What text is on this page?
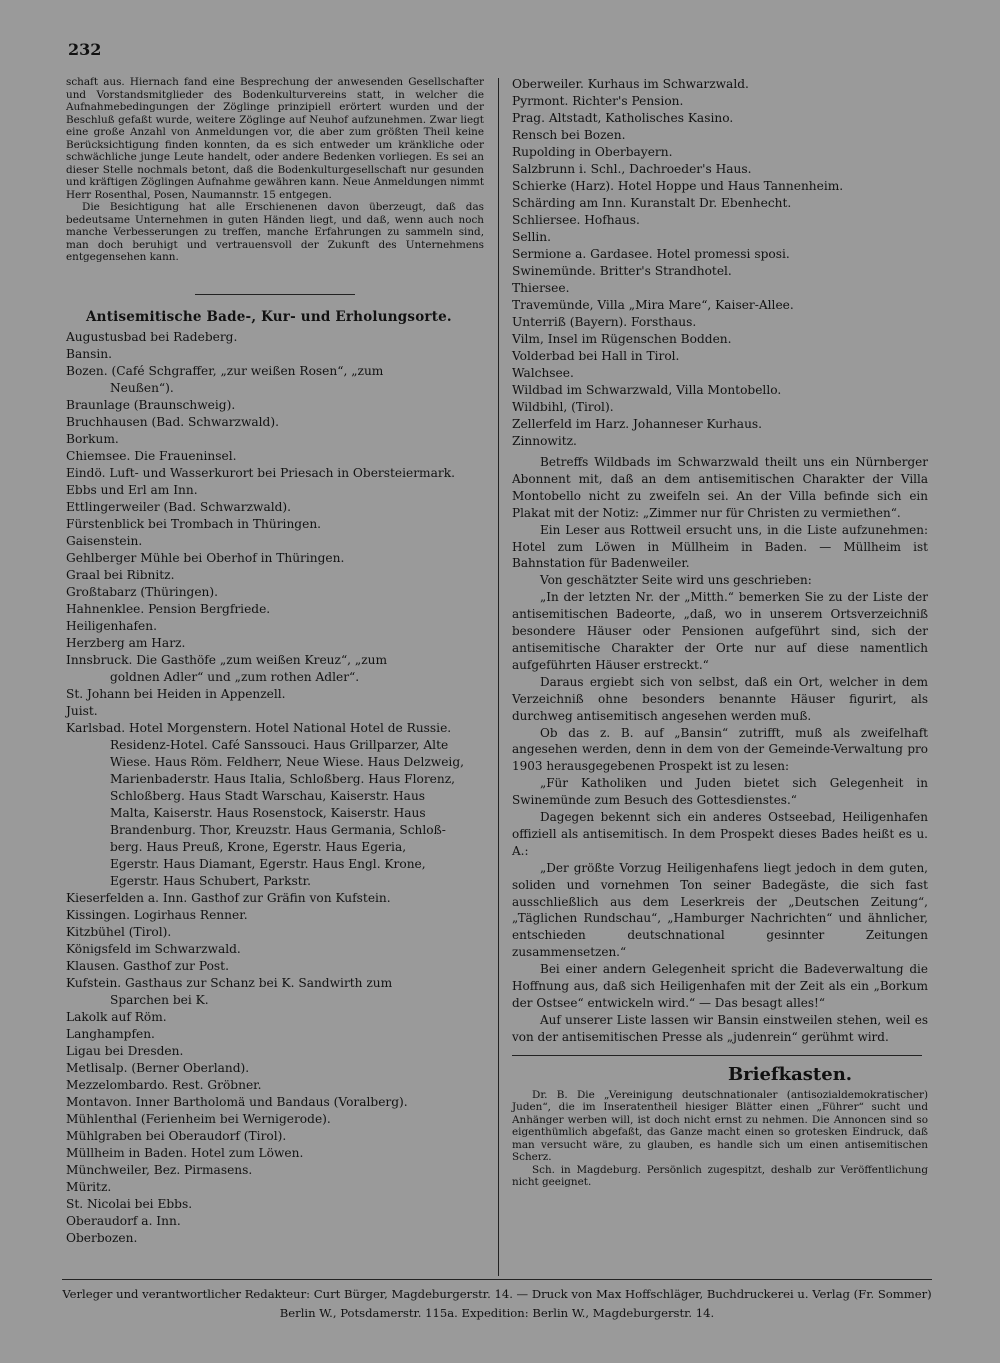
232

schaft aus. Hiernach fand eine Besprechung der anwesenden Gesellschafter und Vorstandsmitglieder des Bodenkulturvereins statt, in welcher die Aufnahmebedingungen der Zöglinge prinzipiell erörtert wurden und der Beschluß gefaßt wurde, weitere Zöglinge auf Neuhof aufzunehmen. Zwar liegt eine große Anzahl von Anmeldungen vor, die aber zum größten Theil keine Berücksichtigung finden konnten, da es sich entweder um kränkliche oder schwächliche junge Leute handelt, oder andere Bedenken vorliegen. Es sei an dieser Stelle nochmals betont, daß die Bodenkulturgesellschaft nur gesunden und kräftigen Zöglingen Aufnahme gewähren kann. Neue Anmeldungen nimmt Herr Rosenthal, Posen, Naumannstr. 15 entgegen.

Die Besichtigung hat alle Erschienenen davon überzeugt, daß das bedeutsame Unternehmen in guten Händen liegt, und daß, wenn auch noch manche Verbesserungen zu treffen, manche Erfahrungen zu sammeln sind, man doch beruhigt und vertrauensvoll der Zukunft des Unternehmens entgegensehen kann.

Antisemitische Bade-, Kur- und Erholungsorte.
Augustusbad bei Radeberg.
Bansin.
Bozen. (Café Schgraffer, „zur weißen Rosen“, „zum
Neußen“).
Braunlage (Braunschweig).
Bruchhausen (Bad. Schwarzwald).
Borkum.
Chiemsee. Die Fraueninsel.
Eindö. Luft- und Wasserkurort bei Priesach in Obersteiermark.
Ebbs und Erl am Inn.
Ettlingerweiler (Bad. Schwarzwald).
Fürstenblick bei Trombach in Thüringen.
Gaisenstein.
Gehlberger Mühle bei Oberhof in Thüringen.
Graal bei Ribnitz.
Großtabarz (Thüringen).
Hahnenklee. Pension Bergfriede.
Heiligenhafen.
Herzberg am Harz.
Innsbruck. Die Gasthöfe „zum weißen Kreuz“, „zum
goldnen Adler“ und „zum rothen Adler“.
St. Johann bei Heiden in Appenzell.
Juist.
Karlsbad. Hotel Morgenstern. Hotel National Hotel de Russie.
Residenz-Hotel. Café Sanssouci. Haus Grillparzer, Alte
Wiese. Haus Röm. Feldherr, Neue Wiese. Haus Delzweig,
Marienbaderstr. Haus Italia, Schloßberg. Haus Florenz,
Schloßberg. Haus Stadt Warschau, Kaiserstr. Haus
Malta, Kaiserstr. Haus Rosenstock, Kaiserstr. Haus
Brandenburg. Thor, Kreuzstr. Haus Germania, Schloß-
berg. Haus Preuß, Krone, Egerstr. Haus Egeria,
Egerstr. Haus Diamant, Egerstr. Haus Engl. Krone,
Egerstr. Haus Schubert, Parkstr.
Kieserfelden a. Inn. Gasthof zur Gräfin von Kufstein.
Kissingen. Logirhaus Renner.
Kitzbühel (Tirol).
Königsfeld im Schwarzwald.
Klausen. Gasthof zur Post.
Kufstein. Gasthaus zur Schanz bei K. Sandwirth zum
Sparchen bei K.
Lakolk auf Röm.
Langhampfen.
Ligau bei Dresden.
Metlisalp. (Berner Oberland).
Mezzelombardo. Rest. Gröbner.
Montavon. Inner Bartholomä und Bandaus (Voralberg).
Mühlenthal (Ferienheim bei Wernigerode).
Mühlgraben bei Oberaudorf (Tirol).
Müllheim in Baden. Hotel zum Löwen.
Münchweiler, Bez. Pirmasens.
Müritz.
St. Nicolai bei Ebbs.
Oberaudorf a. Inn.
Oberbozen.
Oberweiler. Kurhaus im Schwarzwald.
Pyrmont. Richter's Pension.
Prag. Altstadt, Katholisches Kasino.
Rensch bei Bozen.
Rupolding in Oberbayern.
Salzbrunn i. Schl., Dachroeder's Haus.
Schierke (Harz). Hotel Hoppe und Haus Tannenheim.
Schärding am Inn. Kuranstalt Dr. Ebenhecht.
Schliersee. Hofhaus.
Sellin.
Sermione a. Gardasee. Hotel promessi sposi.
Swinemünde. Britter's Strandhotel.
Thiersee.
Travemünde, Villa „Mira Mare“, Kaiser-Allee.
Unterriß (Bayern). Forsthaus.
Vilm, Insel im Rügenschen Bodden.
Volderbad bei Hall in Tirol.
Walchsee.
Wildbad im Schwarzwald, Villa Montobello.
Wildbihl, (Tirol).
Zellerfeld im Harz. Johanneser Kurhaus.
Zinnowitz.

Betreffs Wildbads im Schwarzwald theilt uns ein Nürnberger Abonnent mit, daß an dem antisemitischen Charakter der Villa Montobello nicht zu zweifeln sei. An der Villa befinde sich ein Plakat mit der Notiz: „Zimmer nur für Christen zu vermiethen“.

Ein Leser aus Rottweil ersucht uns, in die Liste aufzunehmen: Hotel zum Löwen in Müllheim in Baden. — Müllheim ist Bahnstation für Badenweiler.

Von geschätzter Seite wird uns geschrieben:

„In der letzten Nr. der „Mitth.“ bemerken Sie zu der Liste der antisemitischen Badeorte, „daß, wo in unserem Ortsverzeichniß besondere Häuser oder Pensionen aufgeführt sind, sich der antisemitische Charakter der Orte nur auf diese namentlich aufgeführten Häuser erstreckt.“

Daraus ergiebt sich von selbst, daß ein Ort, welcher in dem Verzeichniß ohne besonders benannte Häuser figurirt, als durchweg antisemitisch angesehen werden muß.

Ob das z. B. auf „Bansin“ zutrifft, muß als zweifelhaft angesehen werden, denn in dem von der Gemeinde-Verwaltung pro 1903 herausgegebenen Prospekt ist zu lesen:

„Für Katholiken und Juden bietet sich Gelegenheit in Swinemünde zum Besuch des Gottesdienstes.“

Dagegen bekennt sich ein anderes Ostseebad, Heiligenhafen offiziell als antisemitisch. In dem Prospekt dieses Bades heißt es u. A.:

„Der größte Vorzug Heiligenhafens liegt jedoch in dem guten, soliden und vornehmen Ton seiner Badegäste, die sich fast ausschließlich aus dem Leserkreis der „Deutschen Zeitung“, „Täglichen Rundschau“, „Hamburger Nachrichten“ und ähnlicher, entschieden deutschnational gesinnter Zeitungen zusammensetzen.“

Bei einer andern Gelegenheit spricht die Badeverwaltung die Hoffnung aus, daß sich Heiligenhafen mit der Zeit als ein „Borkum der Ostsee“ entwickeln wird.“ — Das besagt alles!“

Auf unserer Liste lassen wir Bansin einstweilen stehen, weil es von der antisemitischen Presse als „judenrein“ gerühmt wird.

Briefkasten.

Dr. B. Die „Vereinigung deutschnationaler (antisozialdemokratischer) Juden“, die im Inseratentheil hiesiger Blätter einen „Führer“ sucht und Anhänger werben will, ist doch nicht ernst zu nehmen. Die Annoncen sind so eigenthümlich abgefaßt, das Ganze macht einen so grotesken Eindruck, daß man versucht wäre, zu glauben, es handle sich um einen antisemitischen Scherz.

Sch. in Magdeburg. Persönlich zugespitzt, deshalb zur Veröffentlichung nicht geeignet.

Verleger und verantwortlicher Redakteur: Curt Bürger, Magdeburgerstr. 14. — Druck von Max Hoffschläger, Buchdruckerei u. Verlag (Fr. Sommer)
Berlin W., Potsdamerstr. 115a. Expedition: Berlin W., Magdeburgerstr. 14.
